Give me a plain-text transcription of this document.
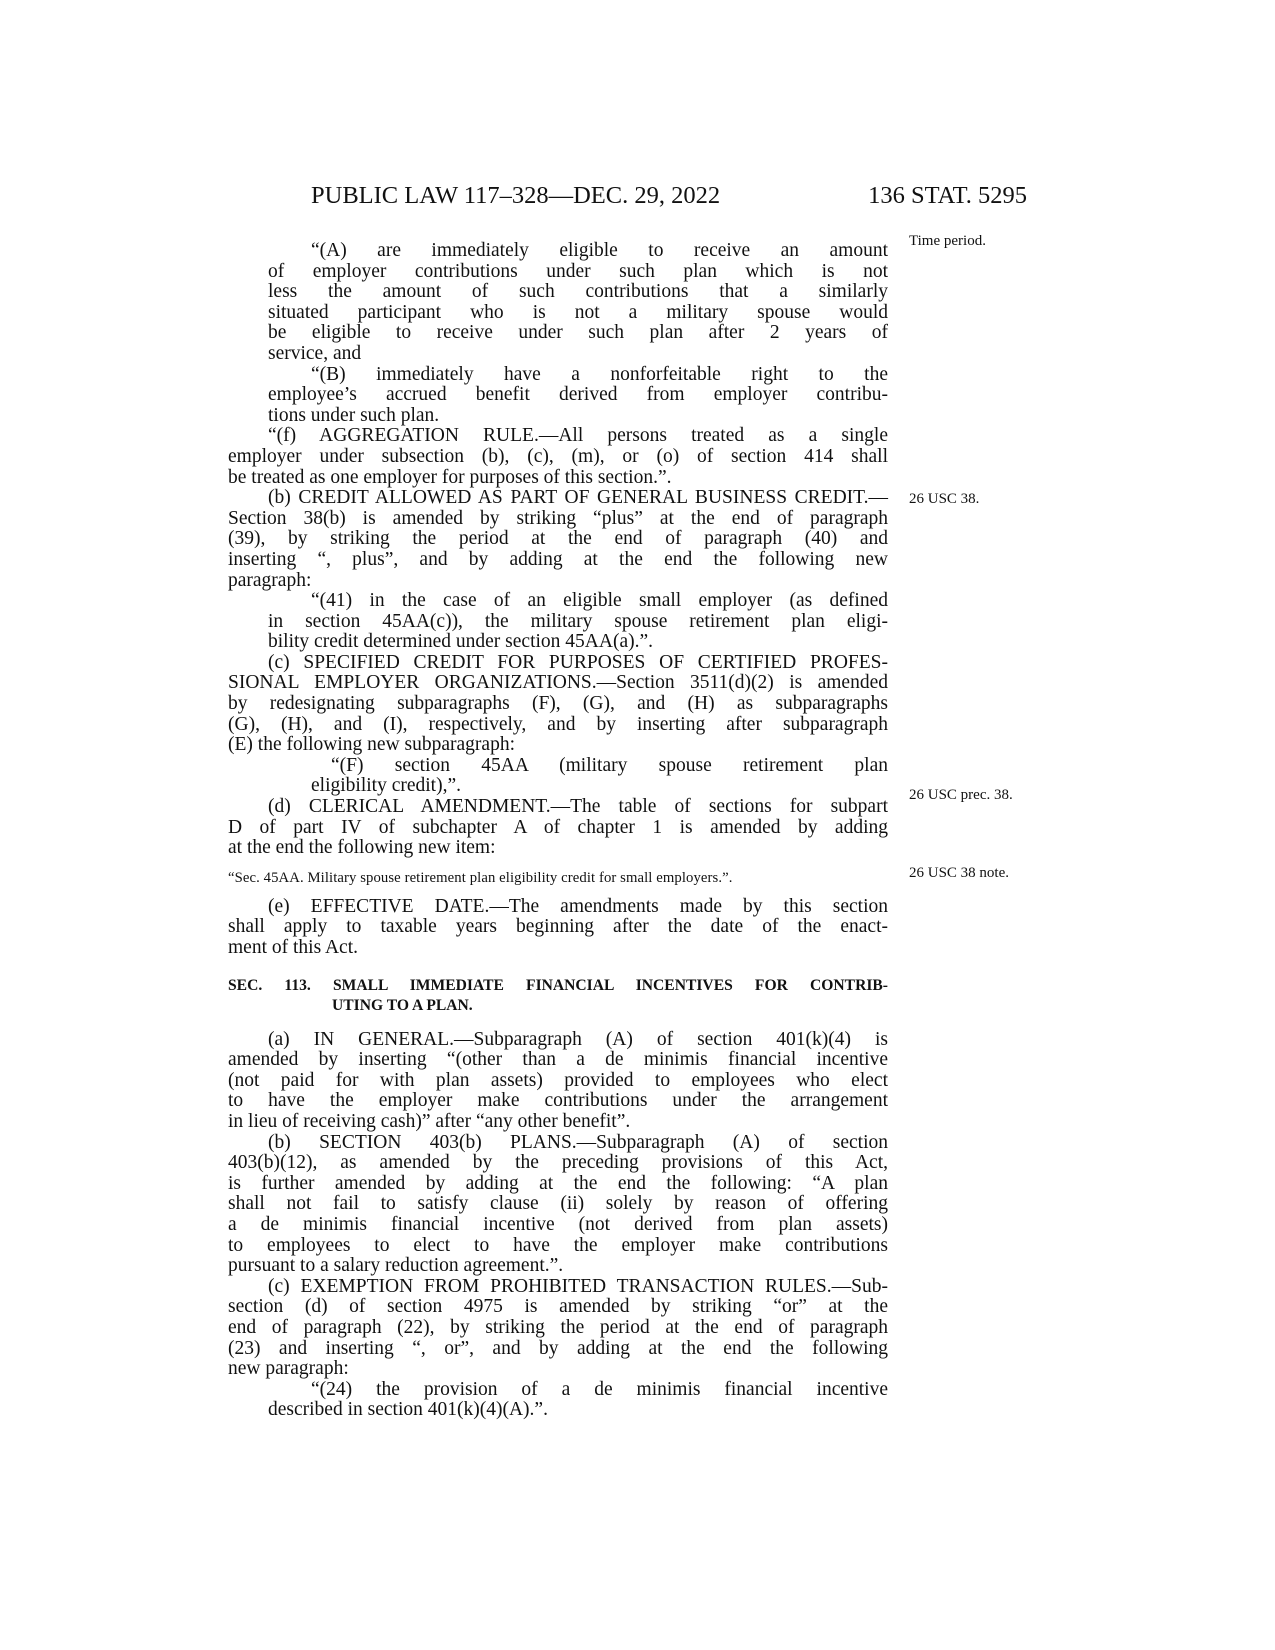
PUBLIC LAW 117–328—DEC. 29, 2022	136 STAT. 5295
Time period.
26 USC 38.
26 USC prec. 38.
26 USC 38 note.
“(A) are immediately eligible to receive an amount
of employer contributions under such plan which is not
less the amount of such contributions that a similarly
situated participant who is not a military spouse would
be eligible to receive under such plan after 2 years of
service, and
“(B) immediately have a nonforfeitable right to the
employee’s accrued benefit derived from employer contribu-
tions under such plan.
“(f) AGGREGATION RULE.—All persons treated as a single
employer under subsection (b), (c), (m), or (o) of section 414 shall
be treated as one employer for purposes of this section.”.
(b) CREDIT ALLOWED AS PART OF GENERAL BUSINESS CREDIT.—
Section 38(b) is amended by striking “plus” at the end of paragraph
(39), by striking the period at the end of paragraph (40) and
inserting “, plus”, and by adding at the end the following new
paragraph:
“(41) in the case of an eligible small employer (as defined
in section 45AA(c)), the military spouse retirement plan eligi-
bility credit determined under section 45AA(a).”.
(c) SPECIFIED CREDIT FOR PURPOSES OF CERTIFIED PROFES-
SIONAL EMPLOYER ORGANIZATIONS.—Section 3511(d)(2) is amended
by redesignating subparagraphs (F), (G), and (H) as subparagraphs
(G), (H), and (I), respectively, and by inserting after subparagraph
(E) the following new subparagraph:
“(F) section 45AA (military spouse retirement plan
eligibility credit),”.
(d) CLERICAL AMENDMENT.—The table of sections for subpart
D of part IV of subchapter A of chapter 1 is amended by adding
at the end the following new item:
“Sec. 45AA. Military spouse retirement plan eligibility credit for small employers.”.
(e) EFFECTIVE DATE.—The amendments made by this section
shall apply to taxable years beginning after the date of the enact-
ment of this Act.
SEC. 113. SMALL IMMEDIATE FINANCIAL INCENTIVES FOR CONTRIB-
UTING TO A PLAN.
(a) IN GENERAL.—Subparagraph (A) of section 401(k)(4) is
amended by inserting “(other than a de minimis financial incentive
(not paid for with plan assets) provided to employees who elect
to have the employer make contributions under the arrangement
in lieu of receiving cash)” after “any other benefit”.
(b) SECTION 403(b) PLANS.—Subparagraph (A) of section
403(b)(12), as amended by the preceding provisions of this Act,
is further amended by adding at the end the following: “A plan
shall not fail to satisfy clause (ii) solely by reason of offering
a de minimis financial incentive (not derived from plan assets)
to employees to elect to have the employer make contributions
pursuant to a salary reduction agreement.”.
(c) EXEMPTION FROM PROHIBITED TRANSACTION RULES.—Sub-
section (d) of section 4975 is amended by striking “or” at the
end of paragraph (22), by striking the period at the end of paragraph
(23) and inserting “, or”, and by adding at the end the following
new paragraph:
“(24) the provision of a de minimis financial incentive
described in section 401(k)(4)(A).”.
